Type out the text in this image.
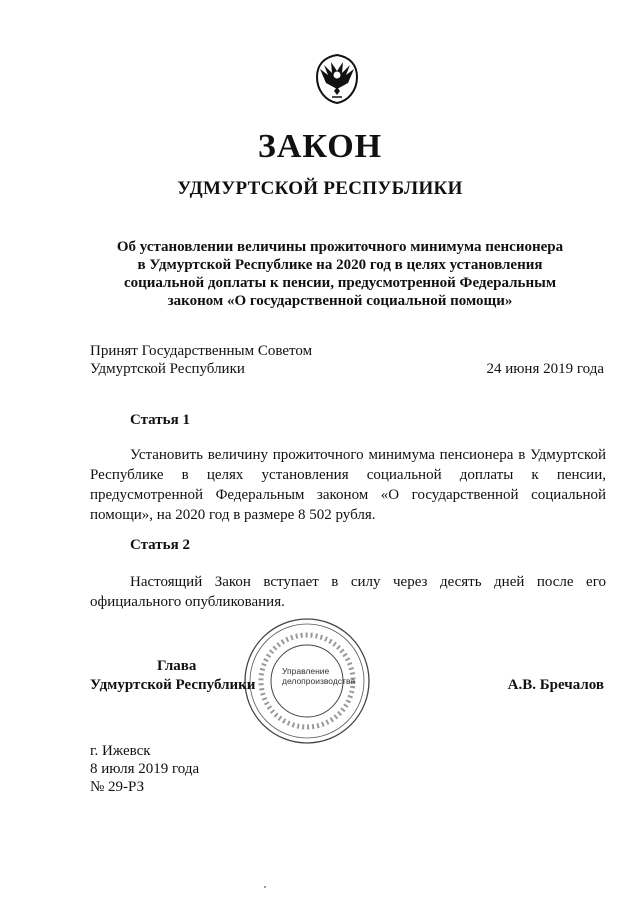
ЗАКОН
УДМУРТСКОЙ РЕСПУБЛИКИ
Об установлении величины прожиточного минимума пенсионера
в Удмуртской Республике на 2020 год в целях установления
социальной доплаты к пенсии, предусмотренной Федеральным
законом «О государственной социальной помощи»
Принят Государственным Советом
Удмуртской Республики	24 июня 2019 года
Статья 1
Установить величину прожиточного минимума пенсионера в Удмуртской
Республике в целях установления социальной доплаты к пенсии,
предусмотренной Федеральным законом «О государственной социальной
помощи», на 2020 год в размере 8 502 рубля.
Статья 2
Настоящий Закон вступает в силу через десять дней после его
официального опубликования.
Управление
делопроизводства
Глава
Удмуртской Республики	А.В. Бречалов
г. Ижевск
8 июля 2019 года
№ 29-РЗ
